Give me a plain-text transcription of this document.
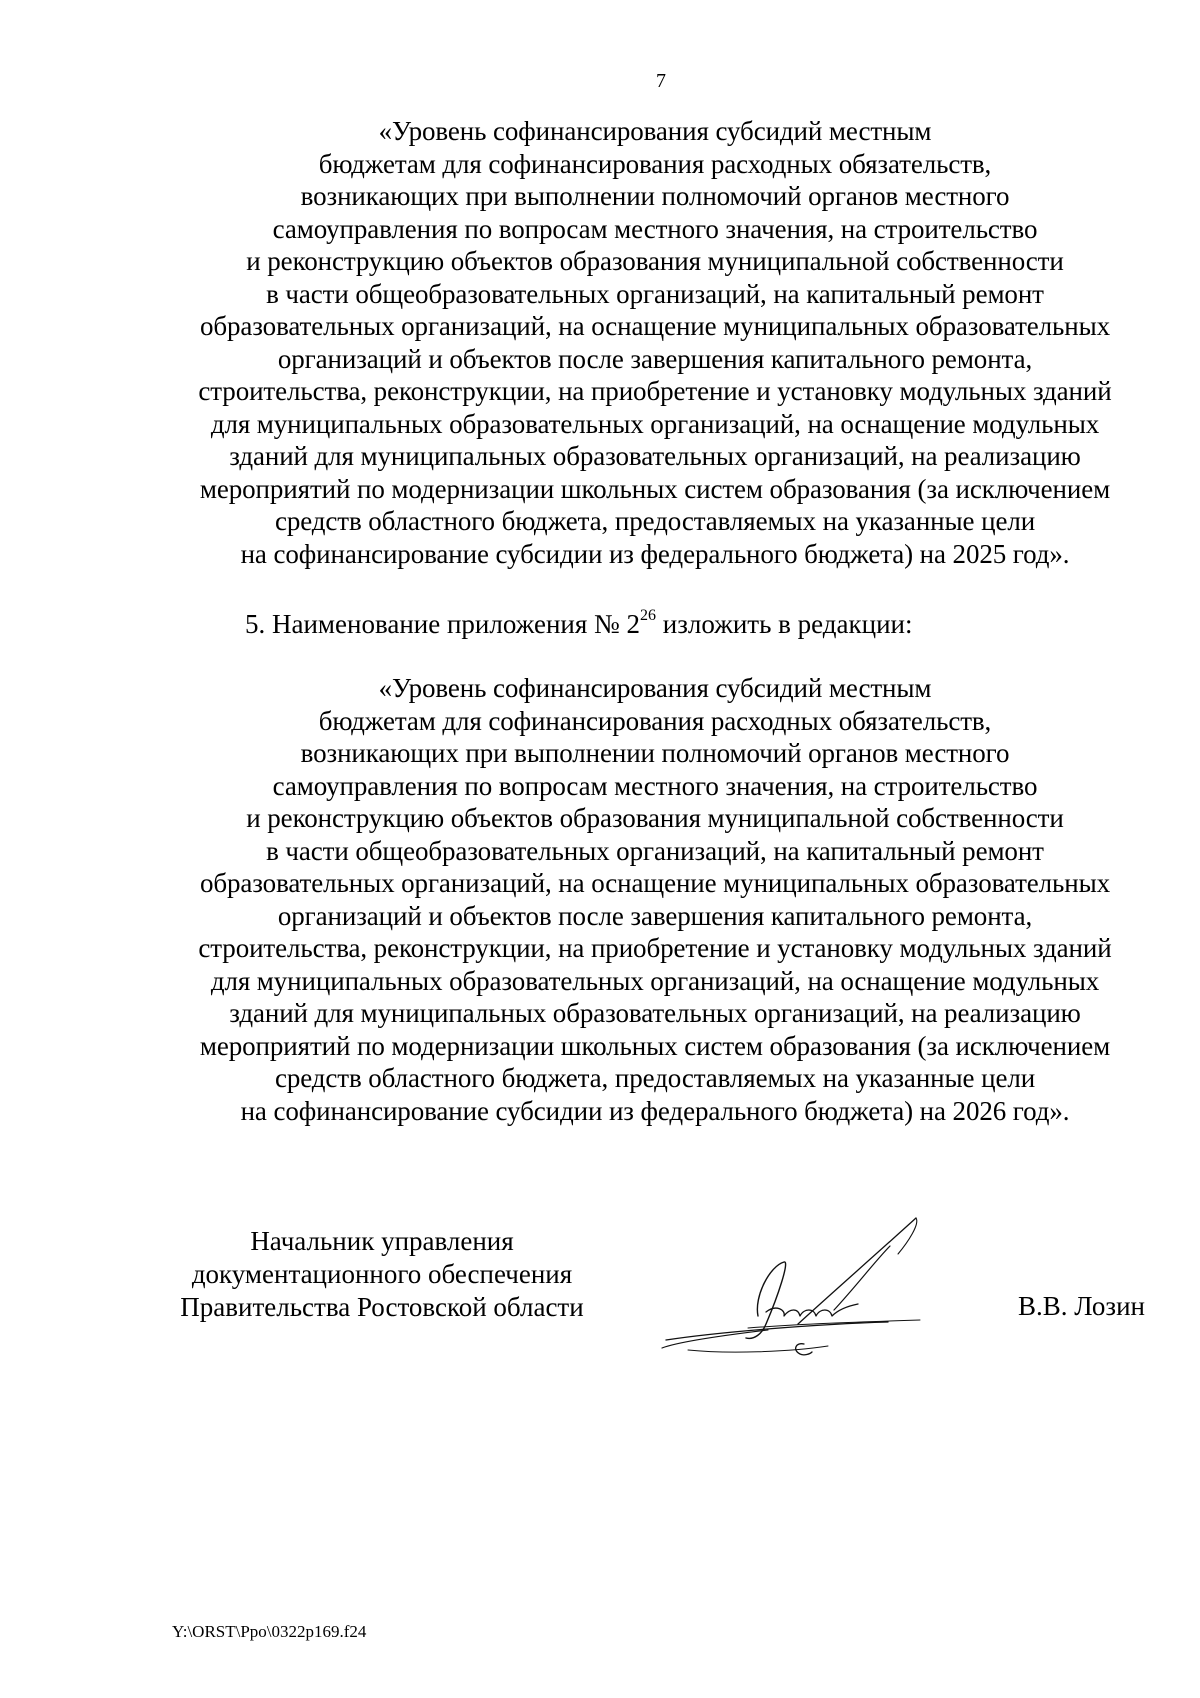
7
«Уровень софинансирования субсидий местным
бюджетам для софинансирования расходных обязательств,
возникающих при выполнении полномочий органов местного
самоуправления по вопросам местного значения, на строительство
и реконструкцию объектов образования муниципальной собственности
в части общеобразовательных организаций, на капитальный ремонт
образовательных организаций, на оснащение муниципальных образовательных
организаций и объектов после завершения капитального ремонта,
строительства, реконструкции, на приобретение и установку модульных зданий
для муниципальных образовательных организаций, на оснащение модульных
зданий для муниципальных образовательных организаций, на реализацию
мероприятий по модернизации школьных систем образования (за исключением
средств областного бюджета, предоставляемых на указанные цели
на софинансирование субсидии из федерального бюджета) на 2025 год».
5. Наименование приложения № $2^{26}$ изложить в редакции:
«Уровень софинансирования субсидий местным
бюджетам для софинансирования расходных обязательств,
возникающих при выполнении полномочий органов местного
самоуправления по вопросам местного значения, на строительство
и реконструкцию объектов образования муниципальной собственности
в части общеобразовательных организаций, на капитальный ремонт
образовательных организаций, на оснащение муниципальных образовательных
организаций и объектов после завершения капитального ремонта,
строительства, реконструкции, на приобретение и установку модульных зданий
для муниципальных образовательных организаций, на оснащение модульных
зданий для муниципальных образовательных организаций, на реализацию
мероприятий по модернизации школьных систем образования (за исключением
средств областного бюджета, предоставляемых на указанные цели
на софинансирование субсидии из федерального бюджета) на 2026 год».
Начальник управления
документационного обеспечения
Правительства Ростовской области	В.В. Лозин
Y:\ORST\Ppo\0322p169.f24
